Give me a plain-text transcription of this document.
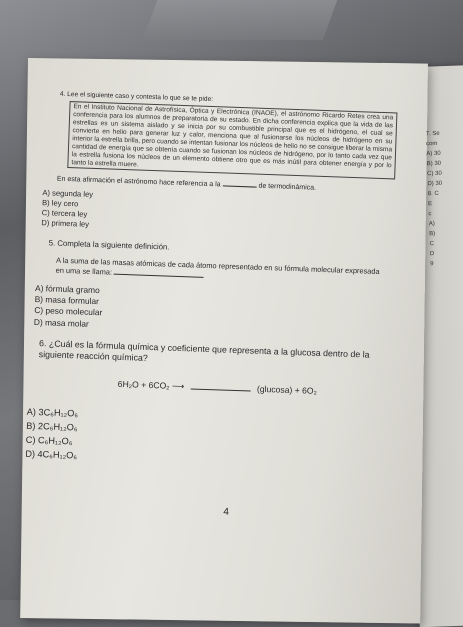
7. Se
com
A) 30
B) 30
C) 30
D) 30
8. C
E
c
A)
B)
C
D
9
4. Lee el siguiente caso y contesta lo que se te pide:
En el Instituto Nacional de Astrofísica, Óptica y Electrónica (INAOE), el astrónomo Ricardo Retes crea una conferencia para los alumnos de preparatoria de su estado. En dicha conferencia explica que la vida de las estrellas es un sistema aislado y se inicia por su combustible principal que es el hidrógeno, el cual se convierte en helio para generar luz y calor, menciona que al fusionarse los núcleos de hidrógeno en su interior la estrella brilla, pero cuando se intentan fusionar los núcleos de helio no se consigue liberar la misma cantidad de energía que se obtenía cuando se fusionan los núcleos de hidrógeno, por lo tanto cada vez que la estrella fusiona los núcleos de un elemento obtiene otro que es más inútil para obtener energía y por lo tanto la estrella muere.
En esta afirmación el astrónomo hace referencia a la	de termodinámica.
A) segunda ley
B) ley cero
C) tercera ley
D) primera ley
5. Completa la siguiente definición.
A la suma de las masas atómicas de cada átomo representado en su fórmula molecular expresada en uma se llama:
A) fórmula gramo
B) masa formular
C) peso molecular
D) masa molar
6. ¿Cuál es la fórmula química y coeficiente que representa a la glucosa dentro de la siguiente reacción química?
6H₂O + 6CO₂ ⟶	(glucosa) + 6O₂
A) 3C₆H₁₂O₆
B) 2C₆H₁₂O₆
C) C₆H₁₂O₆
D) 4C₆H₁₂O₆
4
